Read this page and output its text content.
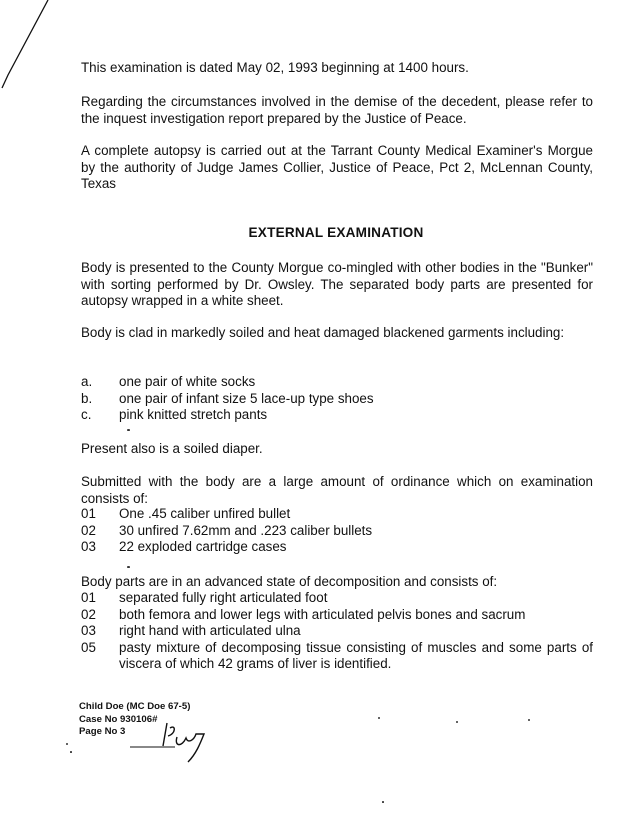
This examination is dated May 02, 1993 beginning at 1400 hours.
Regarding the circumstances involved in the demise of the decedent, please refer to the inquest investigation report prepared by the Justice of Peace.
A complete autopsy is carried out at the Tarrant County Medical Examiner's Morgue by the authority of Judge James Collier, Justice of Peace, Pct 2, McLennan County, Texas
EXTERNAL EXAMINATION
Body is presented to the County Morgue co-mingled with other bodies in the "Bunker" with sorting performed by Dr. Owsley. The separated body parts are presented for autopsy wrapped in a white sheet.
Body is clad in markedly soiled and heat damaged blackened garments including:
a.	one pair of white socks
b.	one pair of infant size 5 lace-up type shoes
c.	pink knitted stretch pants
Present also is a soiled diaper.
Submitted with the body are a large amount of ordinance which on examination consists of:
01	One .45 caliber unfired bullet
02	30 unfired 7.62mm and .223 caliber bullets
03	22 exploded cartridge cases
Body parts are in an advanced state of decomposition and consists of:
01	separated fully right articulated foot
02	both femora and lower legs with articulated pelvis bones and sacrum
03	right hand with articulated ulna
05	pasty mixture of decomposing tissue consisting of muscles and some parts of viscera of which 42 grams of liver is identified.
Child Doe (MC Doe 67-5)
Case No 930106#
Page No 3
